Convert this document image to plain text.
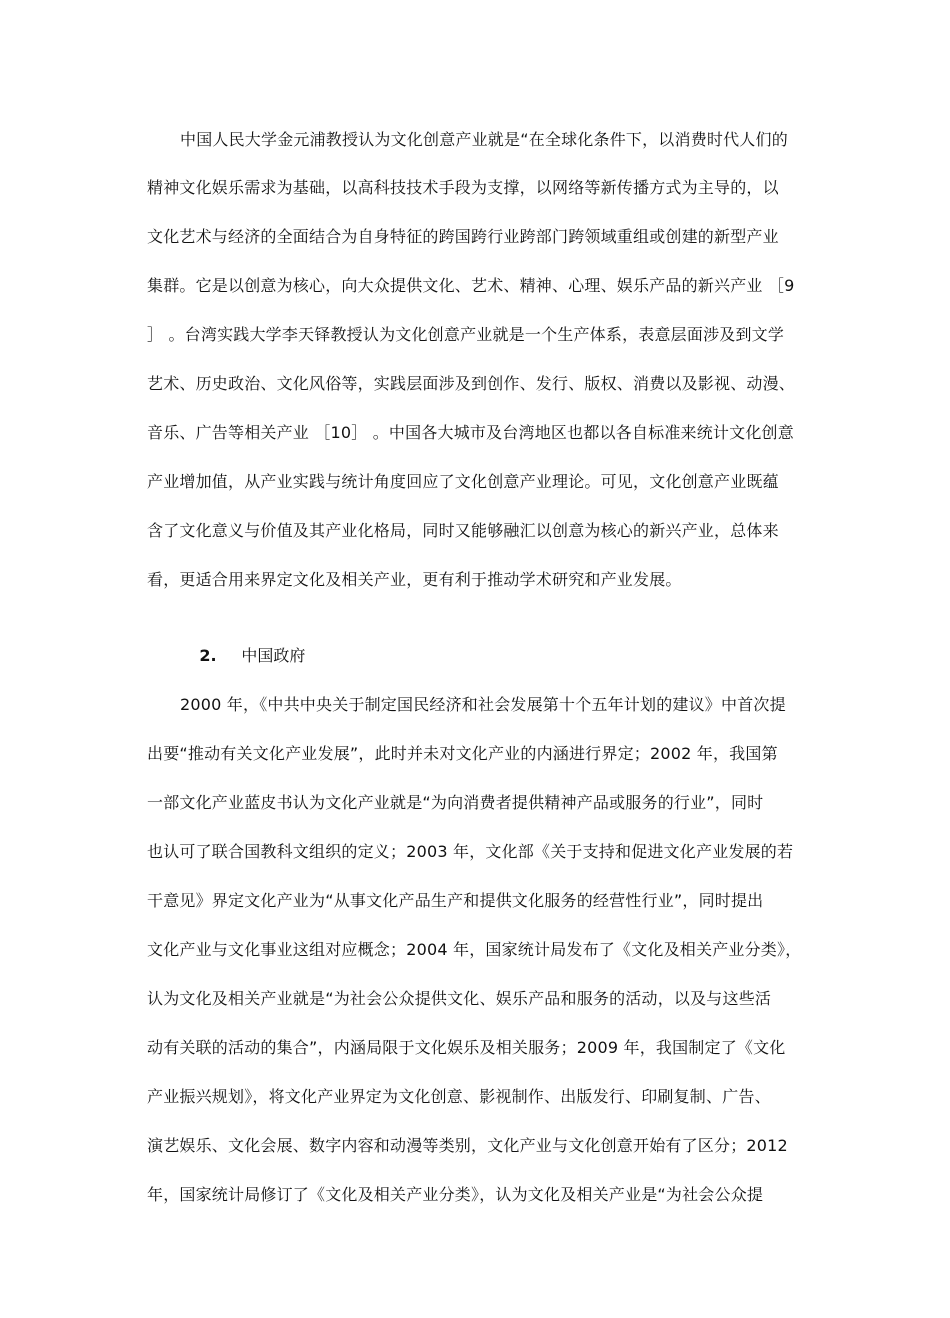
中国人民大学金元浦教授认为文化创意产业就是“在全球化条件下，以消费时代人们的
精神文化娱乐需求为基础，以高科技技术手段为支撑，以网络等新传播方式为主导的，以
文化艺术与经济的全面结合为自身特征的跨国跨行业跨部门跨领域重组或创建的新型产业
集群。它是以创意为核心，向大众提供文化、艺术、精神、心理、娱乐产品的新兴产业 ［9
］ 。台湾实践大学李天铎教授认为文化创意产业就是一个生产体系，表意层面涉及到文学
艺术、历史政治、文化风俗等，实践层面涉及到创作、发行、版权、消费以及影视、动漫、
音乐、广告等相关产业 ［10］ 。中国各大城市及台湾地区也都以各自标准来统计文化创意
产业增加值，从产业实践与统计角度回应了文化创意产业理论。可见，文化创意产业既蕴
含了文化意义与价值及其产业化格局，同时又能够融汇以创意为核心的新兴产业，总体来
看，更适合用来界定文化及相关产业，更有利于推动学术研究和产业发展。

2. 中国政府

2000 年，《中共中央关于制定国民经济和社会发展第十个五年计划的建议》中首次提
出要“推动有关文化产业发展”，此时并未对文化产业的内涵进行界定；2002 年，我国第
一部文化产业蓝皮书认为文化产业就是“为向消费者提供精神产品或服务的行业”，同时
也认可了联合国教科文组织的定义；2003 年，文化部《关于支持和促进文化产业发展的若
干意见》界定文化产业为“从事文化产品生产和提供文化服务的经营性行业”，同时提出
文化产业与文化事业这组对应概念；2004 年，国家统计局发布了《文化及相关产业分类》，
认为文化及相关产业就是“为社会公众提供文化、娱乐产品和服务的活动，以及与这些活
动有关联的活动的集合”，内涵局限于文化娱乐及相关服务；2009 年，我国制定了《文化
产业振兴规划》，将文化产业界定为文化创意、影视制作、出版发行、印刷复制、广告、
演艺娱乐、文化会展、数字内容和动漫等类别，文化产业与文化创意开始有了区分；2012
年，国家统计局修订了《文化及相关产业分类》，认为文化及相关产业是“为社会公众提
